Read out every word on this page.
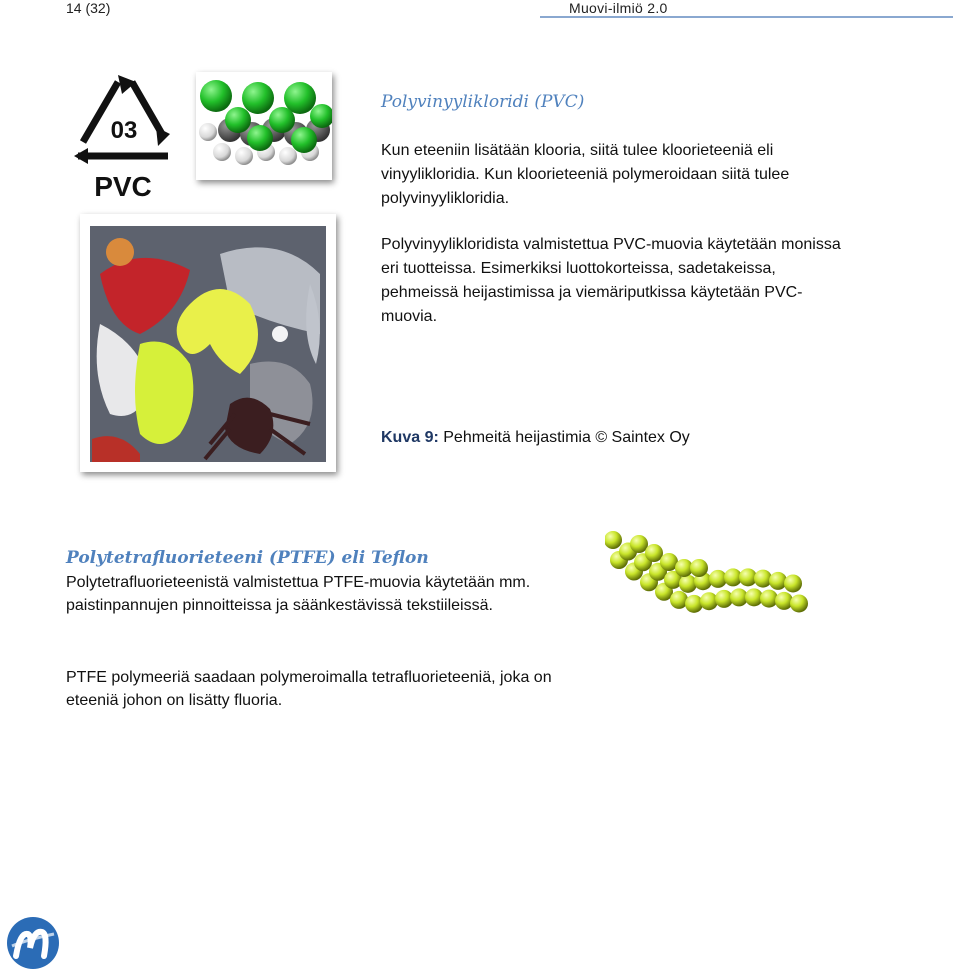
14 (32)	Muovi-ilmiö 2.0
03
PVC
Polyvinyylikloridi (PVC)
Kun eteeniin lisätään klooria, siitä tulee kloorieteeniä eli vinyylikloridia. Kun kloorieteeniä polymeroidaan siitä tulee polyvinyylikloridia.
Polyvinyylikloridista valmistettua PVC-muovia käytetään monissa eri tuotteissa. Esimerkiksi luottokorteissa, sadetakeissa, pehmeissä heijastimissa ja viemäriputkissa käytetään PVC-muovia.
Kuva 9: Pehmeitä heijastimia © Saintex Oy
Polytetrafluorieteeni (PTFE) eli Teflon
Polytetrafluorieteenistä valmistettua PTFE-muovia käytetään mm. paistinpannujen pinnoitteissa ja säänkestävissä tekstiileissä.
PTFE polymeeriä saadaan polymeroimalla tetrafluorieteeniä, joka on eteeniä johon on lisätty fluoria.
